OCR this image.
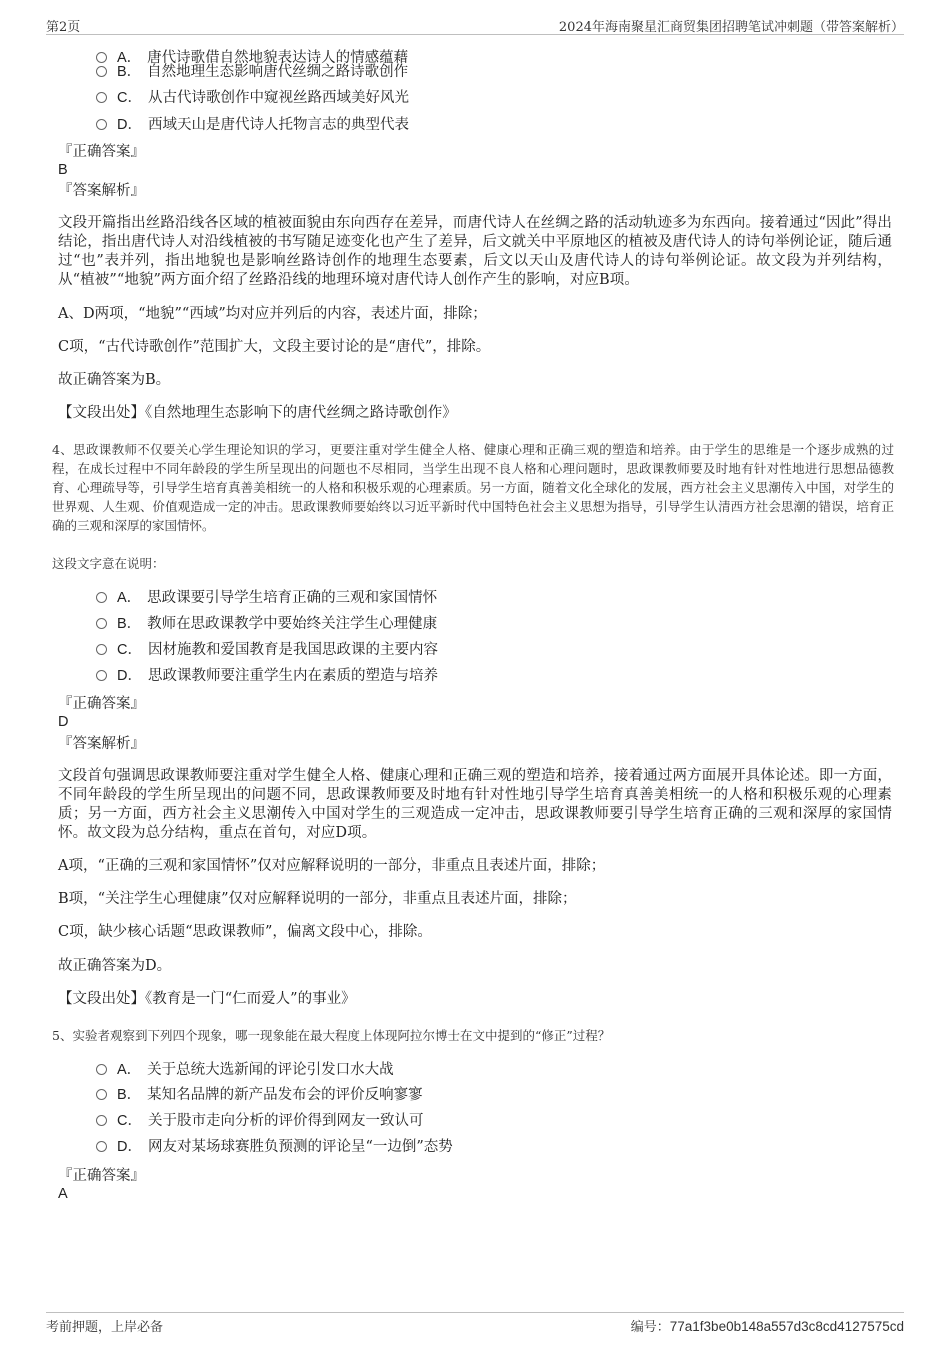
第2页	2024年海南聚星汇商贸集团招聘笔试冲刺题（带答案解析）
A． 唐代诗歌借自然地貌表达诗人的情感蕴藉
B． 自然地理生态影响唐代丝绸之路诗歌创作
C． 从古代诗歌创作中窥视丝路西域美好风光
D． 西域天山是唐代诗人托物言志的典型代表
『正确答案』
B
『答案解析』
文段开篇指出丝路沿线各区域的植被面貌由东向西存在差异，而唐代诗人在丝绸之路的活动轨迹多为东西向。接着通过“因此”得出结论，指出唐代诗人对沿线植被的书写随足迹变化也产生了差异，后文就关中平原地区的植被及唐代诗人的诗句举例论证，随后通过“也”表并列，指出地貌也是影响丝路诗创作的地理生态要素，后文以天山及唐代诗人的诗句举例论证。故文段为并列结构，从“植被”“地貌”两方面介绍了丝路沿线的地理环境对唐代诗人创作产生的影响，对应B项。
A、D两项，“地貌”“西域”均对应并列后的内容，表述片面，排除；
C项，“古代诗歌创作”范围扩大，文段主要讨论的是“唐代”，排除。
故正确答案为B。
【文段出处】《自然地理生态影响下的唐代丝绸之路诗歌创作》
4、思政课教师不仅要关心学生理论知识的学习，更要注重对学生健全人格、健康心理和正确三观的塑造和培养。由于学生的思维是一个逐步成熟的过程，在成长过程中不同年龄段的学生所呈现出的问题也不尽相同，当学生出现不良人格和心理问题时，思政课教师要及时地有针对性地进行思想品德教育、心理疏导等，引导学生培育真善美相统一的人格和积极乐观的心理素质。另一方面，随着文化全球化的发展，西方社会主义思潮传入中国，对学生的世界观、人生观、价值观造成一定的冲击。思政课教师要始终以习近平新时代中国特色社会主义思想为指导，引导学生认清西方社会思潮的错误，培育正确的三观和深厚的家国情怀。
这段文字意在说明：
A． 思政课要引导学生培育正确的三观和家国情怀
B． 教师在思政课教学中要始终关注学生心理健康
C． 因材施教和爱国教育是我国思政课的主要内容
D． 思政课教师要注重学生内在素质的塑造与培养
『正确答案』
D
『答案解析』
文段首句强调思政课教师要注重对学生健全人格、健康心理和正确三观的塑造和培养，接着通过两方面展开具体论述。即一方面，不同年龄段的学生所呈现出的问题不同，思政课教师要及时地有针对性地引导学生培育真善美相统一的人格和积极乐观的心理素质；另一方面，西方社会主义思潮传入中国对学生的三观造成一定冲击，思政课教师要引导学生培育正确的三观和深厚的家国情怀。故文段为总分结构，重点在首句，对应D项。
A项，“正确的三观和家国情怀”仅对应解释说明的一部分，非重点且表述片面，排除；
B项，“关注学生心理健康”仅对应解释说明的一部分，非重点且表述片面，排除；
C项，缺少核心话题“思政课教师”，偏离文段中心，排除。
故正确答案为D。
【文段出处】《教育是一门“仁而爱人”的事业》
5、实验者观察到下列四个现象，哪一现象能在最大程度上体现阿拉尔博士在文中提到的“修正”过程？
A． 关于总统大选新闻的评论引发口水大战
B． 某知名品牌的新产品发布会的评价反响寥寥
C． 关于股市走向分析的评价得到网友一致认可
D． 网友对某场球赛胜负预测的评论呈“一边倒”态势
『正确答案』
A
考前押题，上岸必备	编号：77a1f3be0b148a557d3c8cd4127575cd
